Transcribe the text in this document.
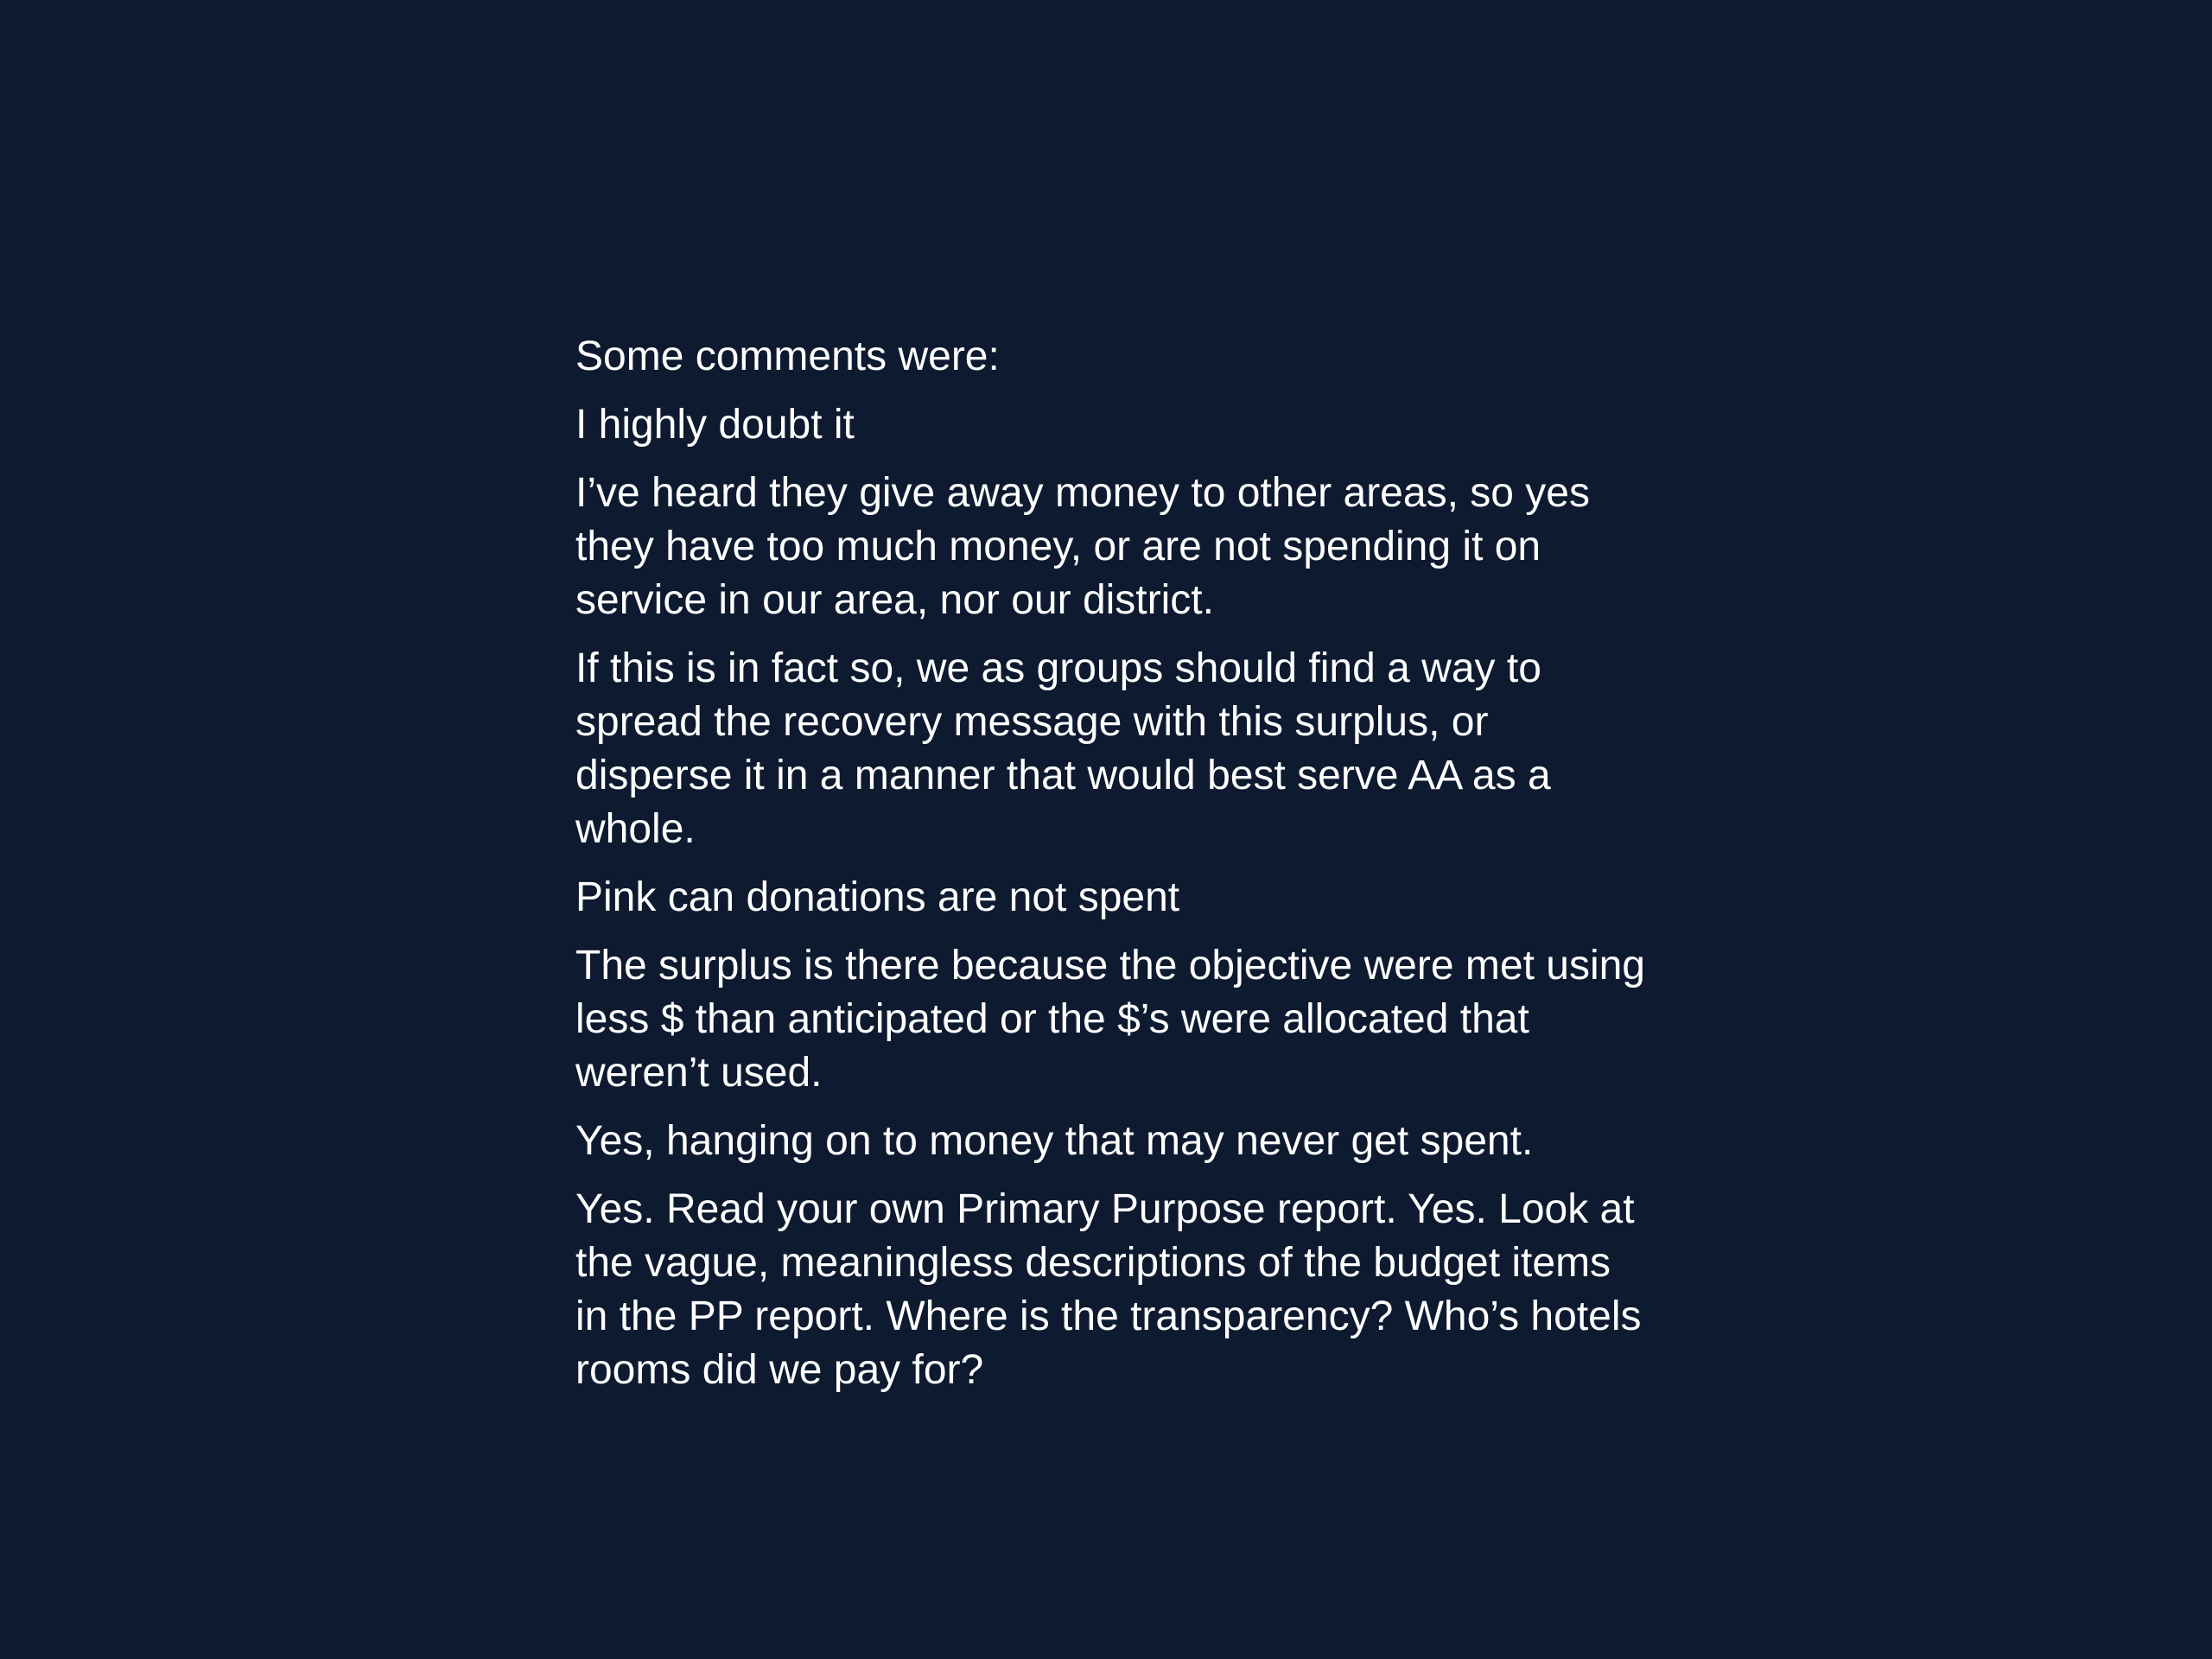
Some comments were:

I highly doubt it

I’ve heard they give away money to other areas, so yes they have too much money, or are not spending it on service in our area, nor our district.

If this is in fact so, we as groups should find a way to spread the recovery message with this surplus, or disperse it in a manner that would best serve AA as a whole.

Pink can donations are not spent

The surplus is there because the objective were met using less $ than anticipated or the $’s were allocated that weren’t used.

Yes, hanging on to money that may never get spent.

Yes. Read your own Primary Purpose report. Yes. Look at the vague, meaningless descriptions of the budget items in the PP report. Where is the transparency? Who’s hotels rooms did we pay for?
